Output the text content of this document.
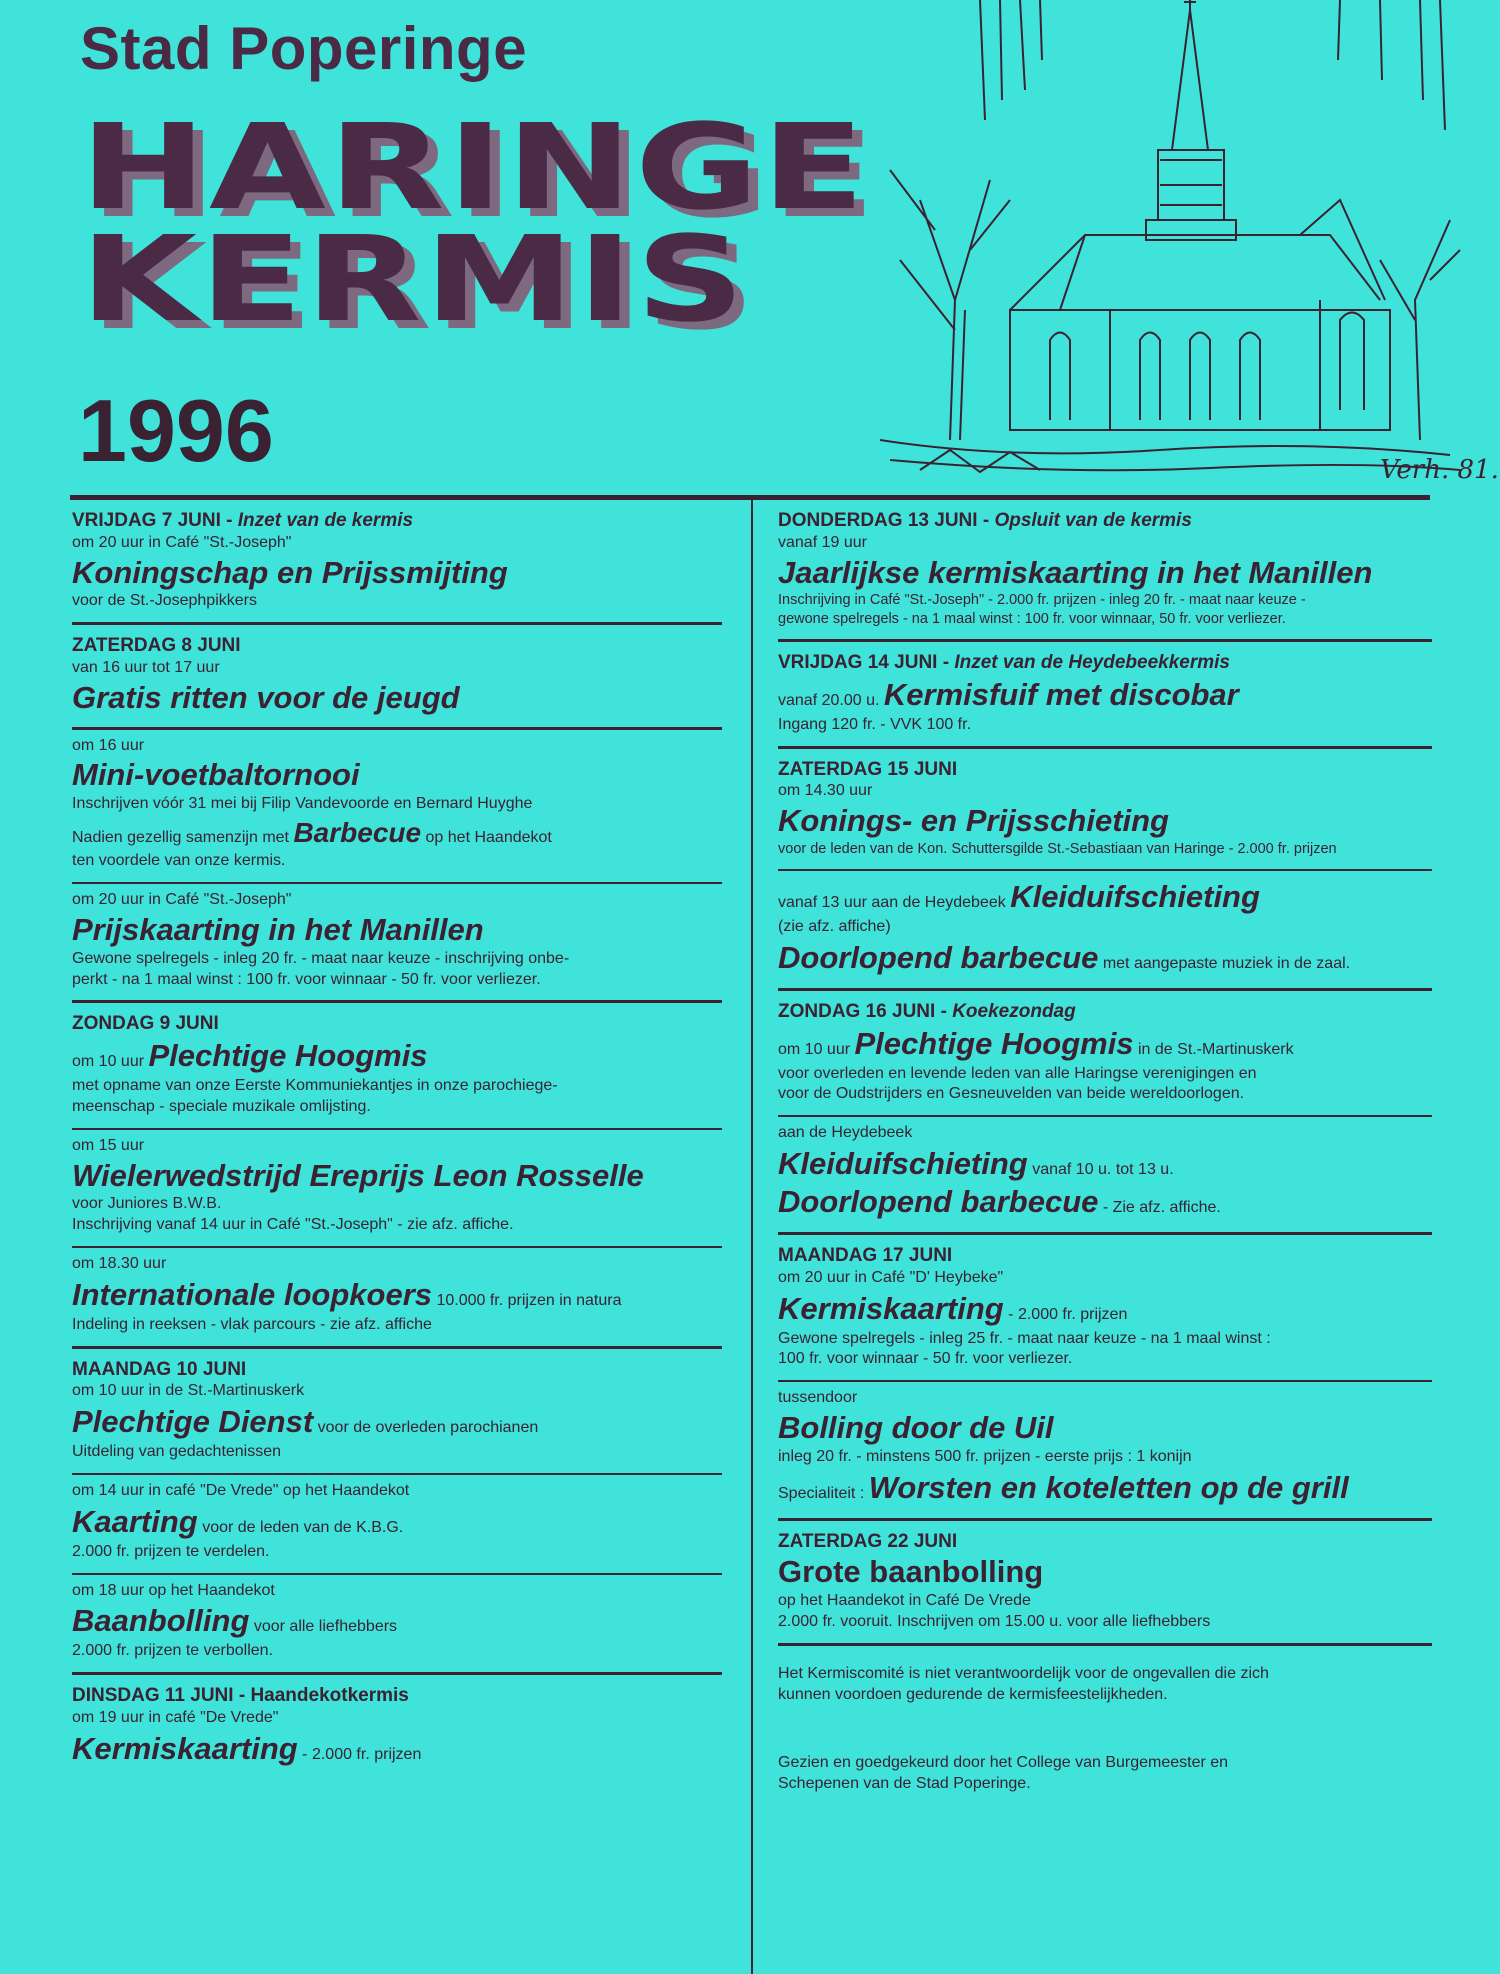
Stad Poperinge
HARINGE
KERMIS
1996	Verh. 81.
VRIJDAG 7 JUNI - Inzet van de kermis
om 20 uur in Café "St.-Joseph"
Koningschap en Prijssmijting
voor de St.-Josephpikkers
ZATERDAG 8 JUNI
van 16 uur tot 17 uur
Gratis ritten voor de jeugd
om 16 uur
Mini-voetbaltornooi
Inschrijven vóór 31 mei bij Filip Vandevoorde en Bernard Huyghe
Nadien gezellig samenzijn met Barbecue op het Haandekot
ten voordele van onze kermis.
om 20 uur in Café "St.-Joseph"
Prijskaarting in het Manillen
Gewone spelregels - inleg 20 fr. - maat naar keuze - inschrijving onbe-
perkt - na 1 maal winst : 100 fr. voor winnaar - 50 fr. voor verliezer.
ZONDAG 9 JUNI
om 10 uur Plechtige Hoogmis
met opname van onze Eerste Kommuniekantjes in onze parochiege-
meenschap - speciale muzikale omlijsting.
om 15 uur
Wielerwedstrijd Ereprijs Leon Rosselle
voor Juniores B.W.B.
Inschrijving vanaf 14 uur in Café "St.-Joseph" - zie afz. affiche.
om 18.30 uur
Internationale loopkoers 10.000 fr. prijzen in natura
Indeling in reeksen - vlak parcours - zie afz. affiche
MAANDAG 10 JUNI
om 10 uur in de St.-Martinuskerk
Plechtige Dienst voor de overleden parochianen
Uitdeling van gedachtenissen
om 14 uur in café "De Vrede" op het Haandekot
Kaarting voor de leden van de K.B.G.
2.000 fr. prijzen te verdelen.
om 18 uur op het Haandekot
Baanbolling voor alle liefhebbers
2.000 fr. prijzen te verbollen.
DINSDAG 11 JUNI - Haandekotkermis
om 19 uur in café "De Vrede"
Kermiskaarting - 2.000 fr. prijzen
DONDERDAG 13 JUNI - Opsluit van de kermis
vanaf 19 uur
Jaarlijkse kermiskaarting in het Manillen
Inschrijving in Café "St.-Joseph" - 2.000 fr. prijzen - inleg 20 fr. - maat naar keuze -
gewone spelregels - na 1 maal winst : 100 fr. voor winnaar, 50 fr. voor verliezer.
VRIJDAG 14 JUNI - Inzet van de Heydebeekkermis
vanaf 20.00 u. Kermisfuif met discobar
Ingang 120 fr. - VVK 100 fr.
ZATERDAG 15 JUNI
om 14.30 uur
Konings- en Prijsschieting
voor de leden van de Kon. Schuttersgilde St.-Sebastiaan van Haringe - 2.000 fr. prijzen
vanaf 13 uur aan de Heydebeek Kleiduifschieting
(zie afz. affiche)
Doorlopend barbecue met aangepaste muziek in de zaal.
ZONDAG 16 JUNI - Koekezondag
om 10 uur Plechtige Hoogmis in de St.-Martinuskerk
voor overleden en levende leden van alle Haringse verenigingen en
voor de Oudstrijders en Gesneuvelden van beide wereldoorlogen.
aan de Heydebeek
Kleiduifschieting vanaf 10 u. tot 13 u.
Doorlopend barbecue - Zie afz. affiche.
MAANDAG 17 JUNI
om 20 uur in Café "D' Heybeke"
Kermiskaarting - 2.000 fr. prijzen
Gewone spelregels - inleg 25 fr. - maat naar keuze - na 1 maal winst :
100 fr. voor winnaar - 50 fr. voor verliezer.
tussendoor
Bolling door de Uil
inleg 20 fr. - minstens 500 fr. prijzen - eerste prijs : 1 konijn
Specialiteit : Worsten en koteletten op de grill
ZATERDAG 22 JUNI
Grote baanbolling
op het Haandekot in Café De Vrede
2.000 fr. vooruit. Inschrijven om 15.00 u. voor alle liefhebbers
Het Kermiscomité is niet verantwoordelijk voor de ongevallen die zich
kunnen voordoen gedurende de kermisfeestelijkheden.
Gezien en goedgekeurd door het College van Burgemeester en
Schepenen van de Stad Poperinge.
